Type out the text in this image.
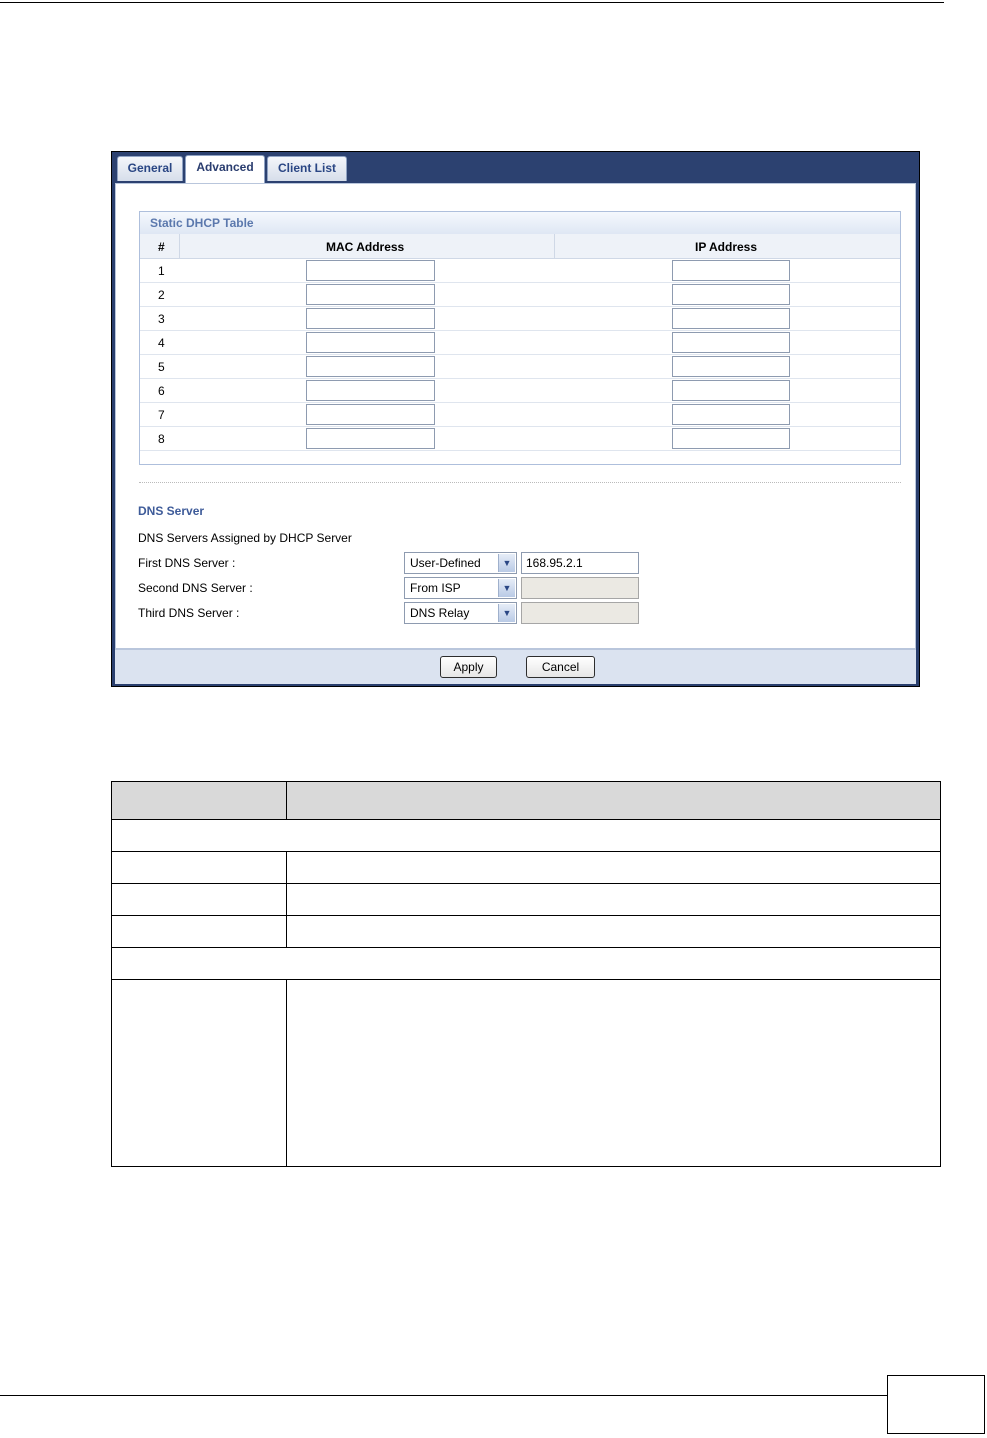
General	Advanced	Client List
Static DHCP Table
#	MAC Address	IP Address
1
2
3
4
5
6
7
8
DNS Server
DNS Servers Assigned by DHCP Server
First DNS Server :	User-Defined	▼	168.95.2.1
Second DNS Server :	From ISP	▼
Third DNS Server :	DNS Relay	▼
Apply	Cancel
